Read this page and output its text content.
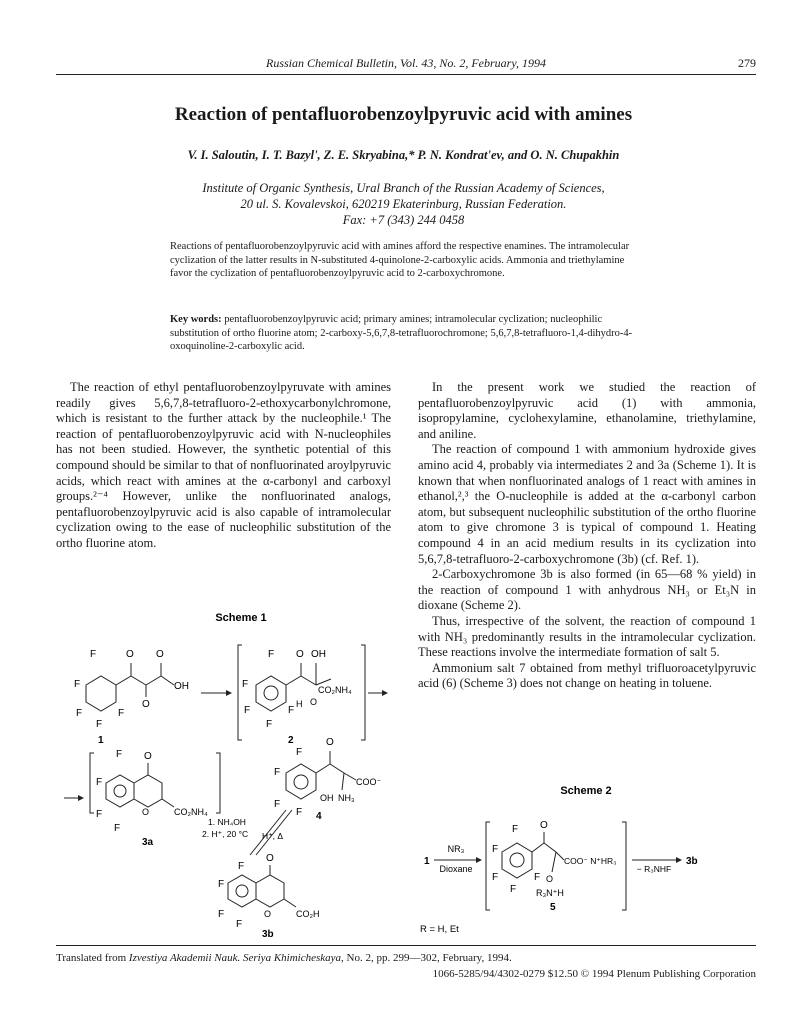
Russian Chemical Bulletin, Vol. 43, No. 2, February, 1994	279
Reaction of pentafluorobenzoylpyruvic acid with amines
V. I. Saloutin, I. T. Bazyl', Z. E. Skryabina,* P. N. Kondrat'ev, and O. N. Chupakhin
Institute of Organic Synthesis, Ural Branch of the Russian Academy of Sciences,
20 ul. S. Kovalevskoi, 620219 Ekaterinburg, Russian Federation.
Fax: +7 (343) 244 0458
Reactions of pentafluorobenzoylpyruvic acid with amines afford the respective enamines. The intramolecular cyclization of the latter results in N-substituted 4-quinolone-2-carboxylic acids. Ammonia and triethylamine favor the cyclization of pentafluorobenzoylpyruvic acid to 2-carboxychromone.
Key words: pentafluorobenzoylpyruvic acid; primary amines; intramolecular cyclization; nucleophilic substitution of ortho fluorine atom; 2-carboxy-5,6,7,8-tetrafluorochromone; 5,6,7,8-tetrafluoro-1,4-dihydro-4-oxoquinoline-2-carboxylic acid.

The reaction of ethyl pentafluorobenzoylpyruvate with amines readily gives 5,6,7,8-tetrafluoro-2-ethoxycarbonylchromone, which is resistant to the further attack by the nucleophile.¹ The reaction of pentafluorobenzoylpyruvic acid with N-nucleophiles has not been studied. However, the synthetic potential of this compound should be similar to that of nonfluorinated aroylpyruvic acids, which react with amines at the α-carbonyl and carboxyl groups.²⁻⁴ However, unlike the nonfluorinated analogs, pentafluorobenzoylpyruvic acid is also capable of intramolecular cyclization owing to the ease of nucleophilic substitution of the ortho fluorine atom.

In the present work we studied the reaction of pentafluorobenzoylpyruvic acid (1) with ammonia, isopropylamine, cyclohexylamine, ethanolamine, triethylamine, and aniline.

The reaction of compound 1 with ammonium hydroxide gives amino acid 4, probably via intermediates 2 and 3a (Scheme 1). It is known that when nonfluorinated analogs of 1 react with amines in ethanol,²,³ the O-nucleophile is added at the α-carbonyl carbon atom, but subsequent nucleophilic substitution of the ortho fluorine atom to give chromone 3 is typical of compound 1. Heating compound 4 in an acid medium results in its cyclization into 5,6,7,8-tetrafluoro-2-carboxychromone (3b) (cf. Ref. 1).

2-Carboxychromone 3b is also formed (in 65—68 % yield) in the reaction of compound 1 with anhydrous NH₃ or Et₃N in dioxane (Scheme 2).

Thus, irrespective of the solvent, the reaction of compound 1 with NH₃ predominantly results in the intramolecular cyclization. These reactions involve the intermediate formation of salt 5.

Ammonium salt 7 obtained from methyl trifluoroacetylpyruvic acid (6) (Scheme 3) does not change on heating in toluene.

Scheme 1
F	O O
OH
O
F
F	F
F
1
F O OH
CO₂NH₄
O
F
F
H
F
F
2
F O
F
F
F
O	CO₂NH₄
3a
F
O
F
F
COO⁻
OH NH₃
F 4
1. NH₄OH
2. H⁺, 20 °C H⁺, Δ
F
O
F
F
F
O	CO₂H
3b
Scheme 2
1
NR₃
Dioxane
F O
F
F	F
F
COO⁻ N⁺HR₃
O
R₃N⁺H
5
− R₃NHF
3b
R = H, Et
Translated from Izvestiya Akademii Nauk. Seriya Khimicheskaya, No. 2, pp. 299—302, February, 1994.
1066-5285/94/4302-0279 $12.50 © 1994 Plenum Publishing Corporation
